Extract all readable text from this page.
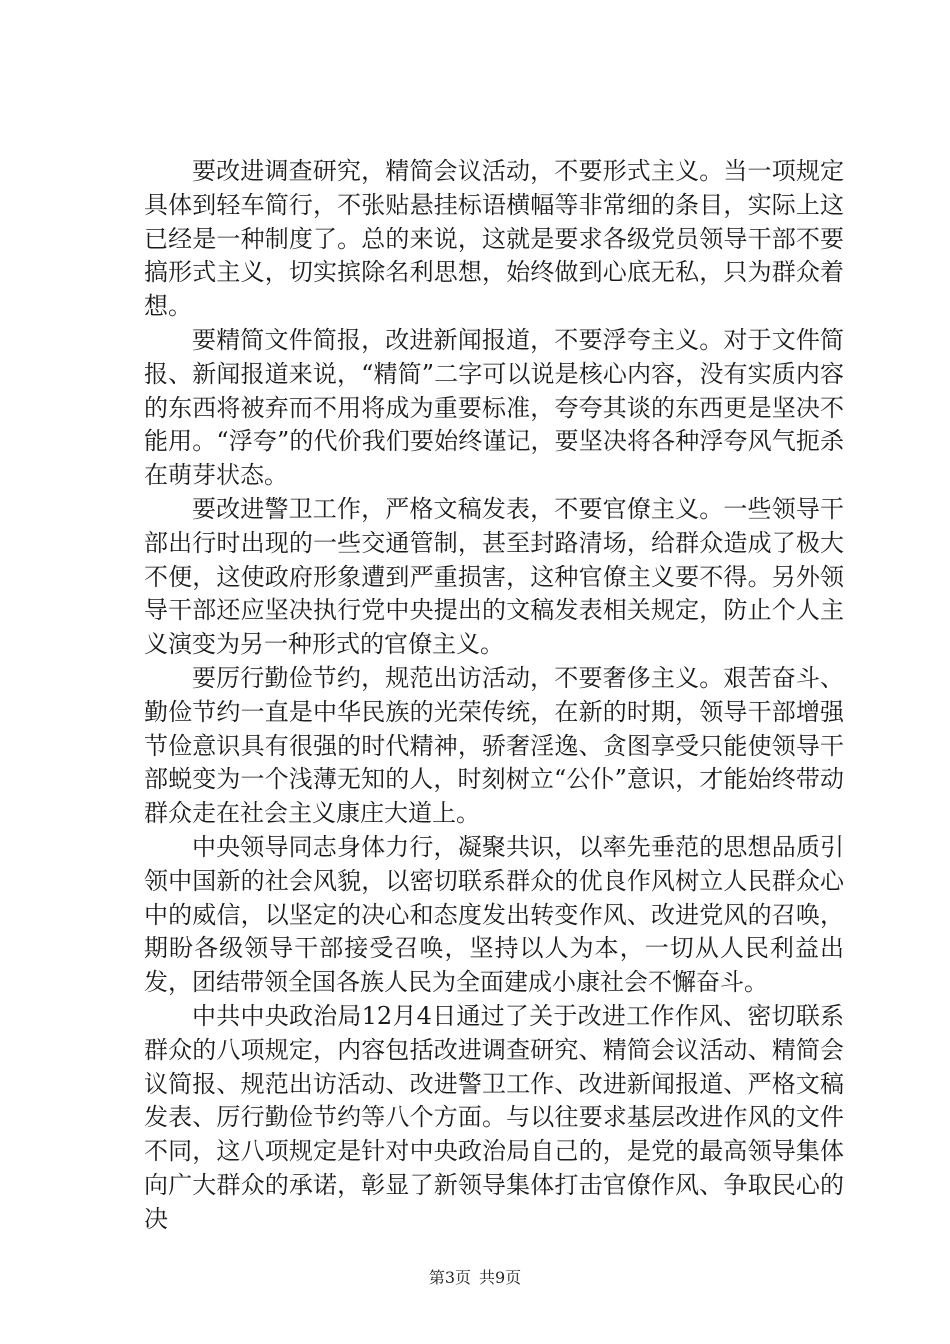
要改进调查研究，精简会议活动，不要形式主义。当一项规定具体到轻车简行，不张贴悬挂标语横幅等非常细的条目，实际上这已经是一种制度了。总的来说，这就是要求各级党员领导干部不要搞形式主义，切实摈除名利思想，始终做到心底无私，只为群众着想。

要精简文件简报，改进新闻报道，不要浮夸主义。对于文件简报、新闻报道来说，“精简”二字可以说是核心内容，没有实质内容的东西将被弃而不用将成为重要标准，夸夸其谈的东西更是坚决不能用。“浮夸”的代价我们要始终谨记，要坚决将各种浮夸风气扼杀在萌芽状态。

要改进警卫工作，严格文稿发表，不要官僚主义。一些领导干部出行时出现的一些交通管制，甚至封路清场，给群众造成了极大不便，这使政府形象遭到严重损害，这种官僚主义要不得。另外领导干部还应坚决执行党中央提出的文稿发表相关规定，防止个人主义演变为另一种形式的官僚主义。

要厉行勤俭节约，规范出访活动，不要奢侈主义。艰苦奋斗、勤俭节约一直是中华民族的光荣传统，在新的时期，领导干部增强节俭意识具有很强的时代精神，骄奢淫逸、贪图享受只能使领导干部蜕变为一个浅薄无知的人，时刻树立“公仆”意识，才能始终带动群众走在社会主义康庄大道上。

中央领导同志身体力行，凝聚共识，以率先垂范的思想品质引领中国新的社会风貌，以密切联系群众的优良作风树立人民群众心中的威信，以坚定的决心和态度发出转变作风、改进党风的召唤，期盼各级领导干部接受召唤，坚持以人为本，一切从人民利益出发，团结带领全国各族人民为全面建成小康社会不懈奋斗。

中共中央政治局12月4日通过了关于改进工作作风、密切联系群众的八项规定，内容包括改进调查研究、精简会议活动、精简会议简报、规范出访活动、改进警卫工作、改进新闻报道、严格文稿发表、厉行勤俭节约等八个方面。与以往要求基层改进作风的文件不同，这八项规定是针对中央政治局自己的，是党的最高领导集体向广大群众的承诺，彰显了新领导集体打击官僚作风、争取民心的决

第3页 共9页
